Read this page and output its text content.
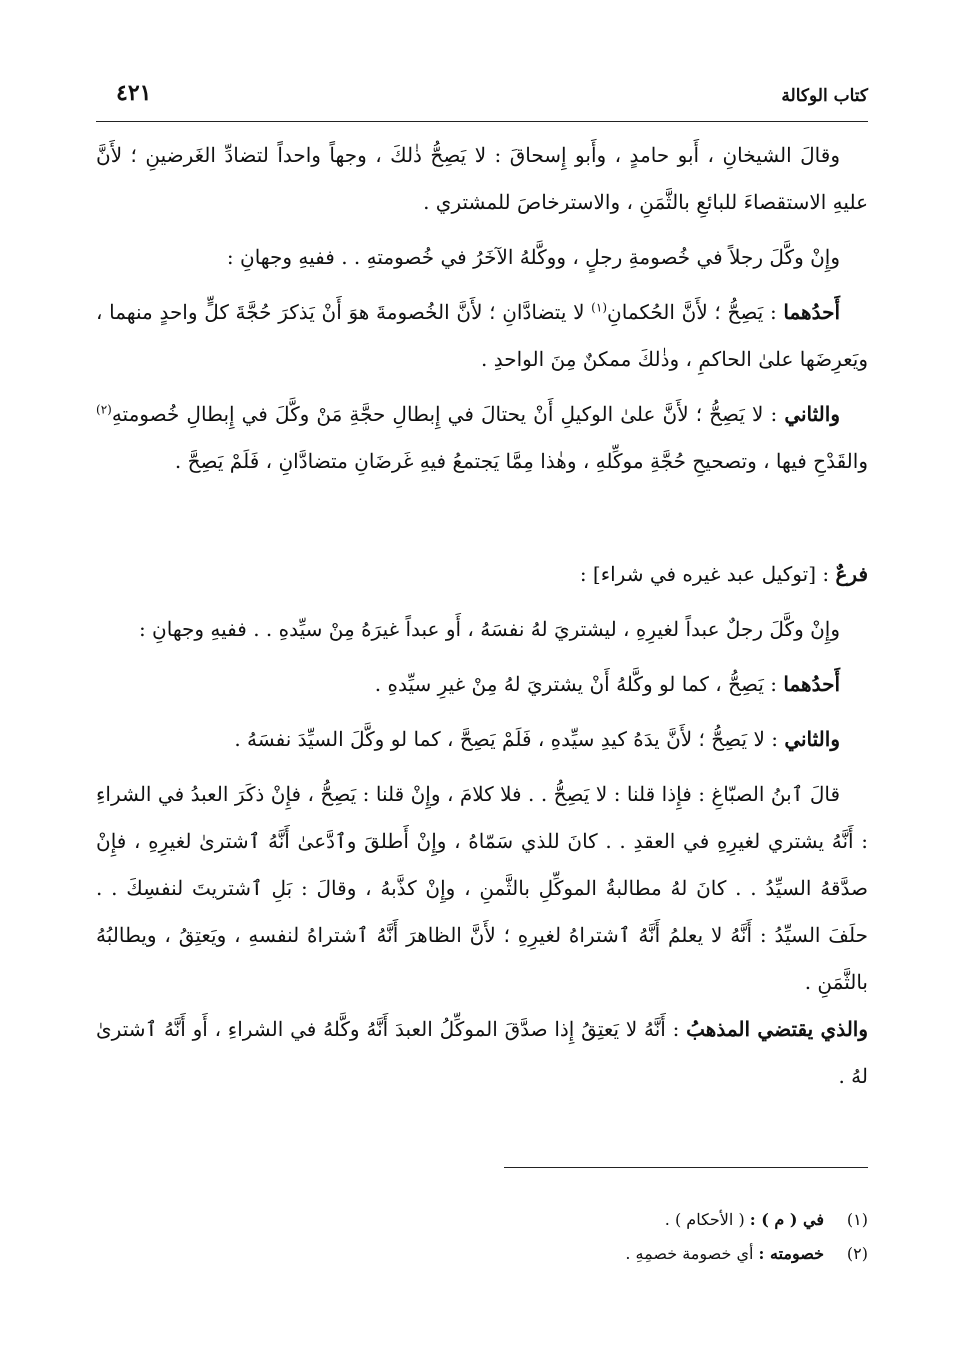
كتاب الوكالة
٤٢١

وقالَ الشيخانِ ، أَبو حامدٍ ، وأَبو إِسحاقَ : لا يَصِحُّ ذٰلكَ ، وجهاً واحداً لتضادِّ الغَرضينِ ؛ لأَنَّ عليهِ الاستقصاءَ للبائعِ بالثَّمَنِ ، والاسترخاصَ للمشتري .

وإِنْ وكَّلَ رجلاً في خُصومةِ رجلٍ ، ووكَّلهُ الآخَرُ في خُصومتهِ . . ففيهِ وجهانِ :

أَحدُهما : يَصِحُّ ؛ لأَنَّ الحُكمانِ$^{(١)}$ لا يتضادَّانِ ؛ لأَنَّ الخُصومةَ هوَ أَنْ يَذكرَ حُجَّةَ كلٍّ واحدٍ منهما ، ويَعرِضَها علىٰ الحاكمِ ، وذٰلكَ ممكنٌ مِنَ الواحدِ .

والثاني : لا يَصِحُّ ؛ لأَنَّ علىٰ الوكيلِ أَنْ يحتالَ في إِبطالِ حجَّةِ مَنْ وكَّلَ في إِبطالِ خُصومتهِ$^{(٢)}$ والقَدْحِ فيها ، وتصحيحِ حُجَّةِ موكِّلهِ ، وهٰذا مِمَّا يَجتمعُ فيهِ غَرضَانِ متضادَّانِ ، فَلَمْ يَصِحَّ .

فرعٌ : [توكيل عبد غيره في شراء] :

وإِنْ وكَّلَ رجلٌ عبداً لغيرِهِ ، ليشتريَ لهُ نفسَهُ ، أَو عبداً غيرَهُ مِنْ سيِّدهِ . . ففيهِ وجهانِ :

أَحدُهما : يَصِحُّ ، كما لو وكَّلهُ أَنْ يشتريَ لهُ مِنْ غيرِ سيِّدهِ .

والثاني : لا يَصِحُّ ؛ لأَنَّ يدَهُ كيدِ سيِّدهِ ، فَلَمْ يَصِحَّ ، كما لو وكَّلَ السيِّدَ نفسَهُ .

قالَ ٱبنُ الصبّاغِ : فإِذا قلنا : لا يَصِحُّ . . فلا كلامَ ، وإِنْ قلنا : يَصِحُّ ، فإِنْ ذكَرَ العبدُ في الشراءِ : أَنَّهُ يشتري لغيرِهِ في العقدِ . . كانَ للذي سَمّاهُ ، وإِنْ أَطلقَ وٱدَّعىٰ أَنَّهُ ٱشترىٰ لغيرِهِ ، فإِنْ صدَّقهُ السيِّدُ . . كانَ لهُ مطالبةُ الموكِّلِ بالثَّمنِ ، وإِنْ كذَّبهُ ، وقالَ : بَلِ ٱشتريتَ لنفسِكَ . . حلَفَ السيِّدُ : أَنَّهُ لا يعلمُ أَنَّهُ ٱشتراهُ لغيرِهِ ؛ لأَنَّ الظاهرَ أَنَّهُ ٱشتراهُ لنفسهِ ، ويَعتِقُ ، ويطالبُهُ بالثَّمَنِ .

والذي يقتضي المذهبُ : أَنَّهُ لا يَعتِقُ إِذا صدَّقَ الموكِّلُ العبدَ أَنَّهُ وكَّلهُ في الشراءِ ، أَو أَنَّهُ ٱشترىٰ لهُ .

(١)في ( م ) : ( الأحكام ) .
(٢)خصومته : أي خصومة خصمِهِ .
